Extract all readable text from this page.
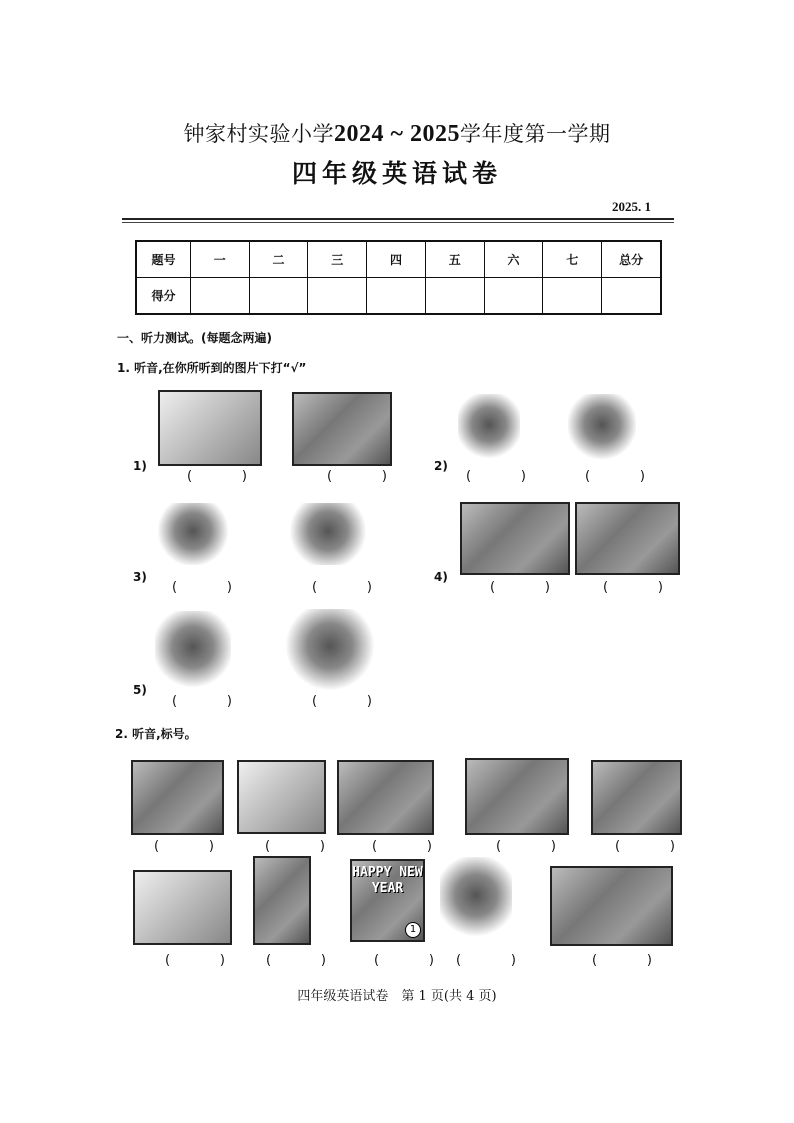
钟家村实验小学2024 ~ 2025学年度第一学期
四年级英语试卷
2025. 1
题号	一	二	三	四	五	六	七	总分
得分								
一、听力测试。(每题念两遍)
1. 听音,在你所听到的图片下打“√”
1)	2)
3)	4)
5)
(	)	(	)	(	)	(	)
(	)	(	)	(	)	(	)
(	)	(	)
(	)	(	)	(	)	(	)	(	)
(	)	(	)	(	) (	)	(	)
2. 听音,标号。
HAPPY NEW YEAR
1
四年级英语试卷　第 1 页(共 4 页)
